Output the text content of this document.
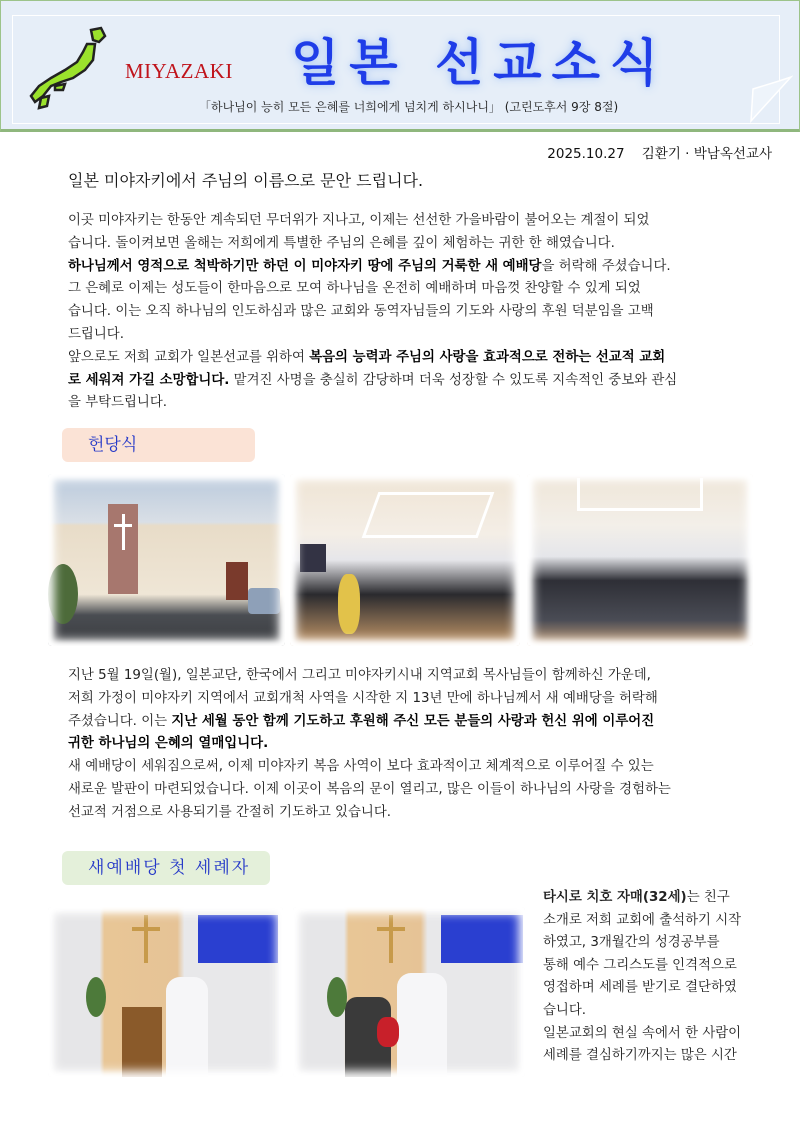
MIYAZAKI 일본 선교소식
「하나님이 능히 모든 은혜를 너희에게 넘치게 하시나니」 (고린도후서 9장 8절)
2025.10.27 김환기 · 박남옥선교사
일본 미야자키에서 주님의 이름으로 문안 드립니다.
이곳 미야자키는 한동안 계속되던 무더위가 지나고, 이제는 선선한 가을바람이 불어오는 계절이 되었
습니다. 돌이켜보면 올해는 저희에게 특별한 주님의 은혜를 깊이 체험하는 귀한 한 해였습니다.
하나님께서 영적으로 척박하기만 하던 이 미야자키 땅에 주님의 거룩한 새 예배당을 허락해 주셨습니다.
그 은혜로 이제는 성도들이 한마음으로 모여 하나님을 온전히 예배하며 마음껏 찬양할 수 있게 되었
습니다. 이는 오직 하나님의 인도하심과 많은 교회와 동역자님들의 기도와 사랑의 후원 덕분임을 고백
드립니다.
앞으로도 저희 교회가 일본선교를 위하여 복음의 능력과 주님의 사랑을 효과적으로 전하는 선교적 교회
로 세워져 가길 소망합니다. 맡겨진 사명을 충실히 감당하며 더욱 성장할 수 있도록 지속적인 중보와 관심
을 부탁드립니다.
헌당식
지난 5월 19일(월), 일본교단, 한국에서 그리고 미야자키시내 지역교회 목사님들이 함께하신 가운데,
저희 가정이 미야자키 지역에서 교회개척 사역을 시작한 지 13년 만에 하나님께서 새 예배당을 허락해
주셨습니다. 이는 지난 세월 동안 함께 기도하고 후원해 주신 모든 분들의 사랑과 헌신 위에 이루어진
귀한 하나님의 은혜의 열매입니다.
새 예배당이 세워짐으로써, 이제 미야자키 복음 사역이 보다 효과적이고 체계적으로 이루어질 수 있는
새로운 발판이 마련되었습니다. 이제 이곳이 복음의 문이 열리고, 많은 이들이 하나님의 사랑을 경험하는
선교적 거점으로 사용되기를 간절히 기도하고 있습니다.
새예배당 첫 세례자
타시로 치호 자매(32세)는 친구
소개로 저희 교회에 출석하기 시작
하였고, 3개월간의 성경공부를
통해 예수 그리스도를 인격적으로
영접하며 세례를 받기로 결단하였
습니다.
일본교회의 현실 속에서 한 사람이
세례를 결심하기까지는 많은 시간
